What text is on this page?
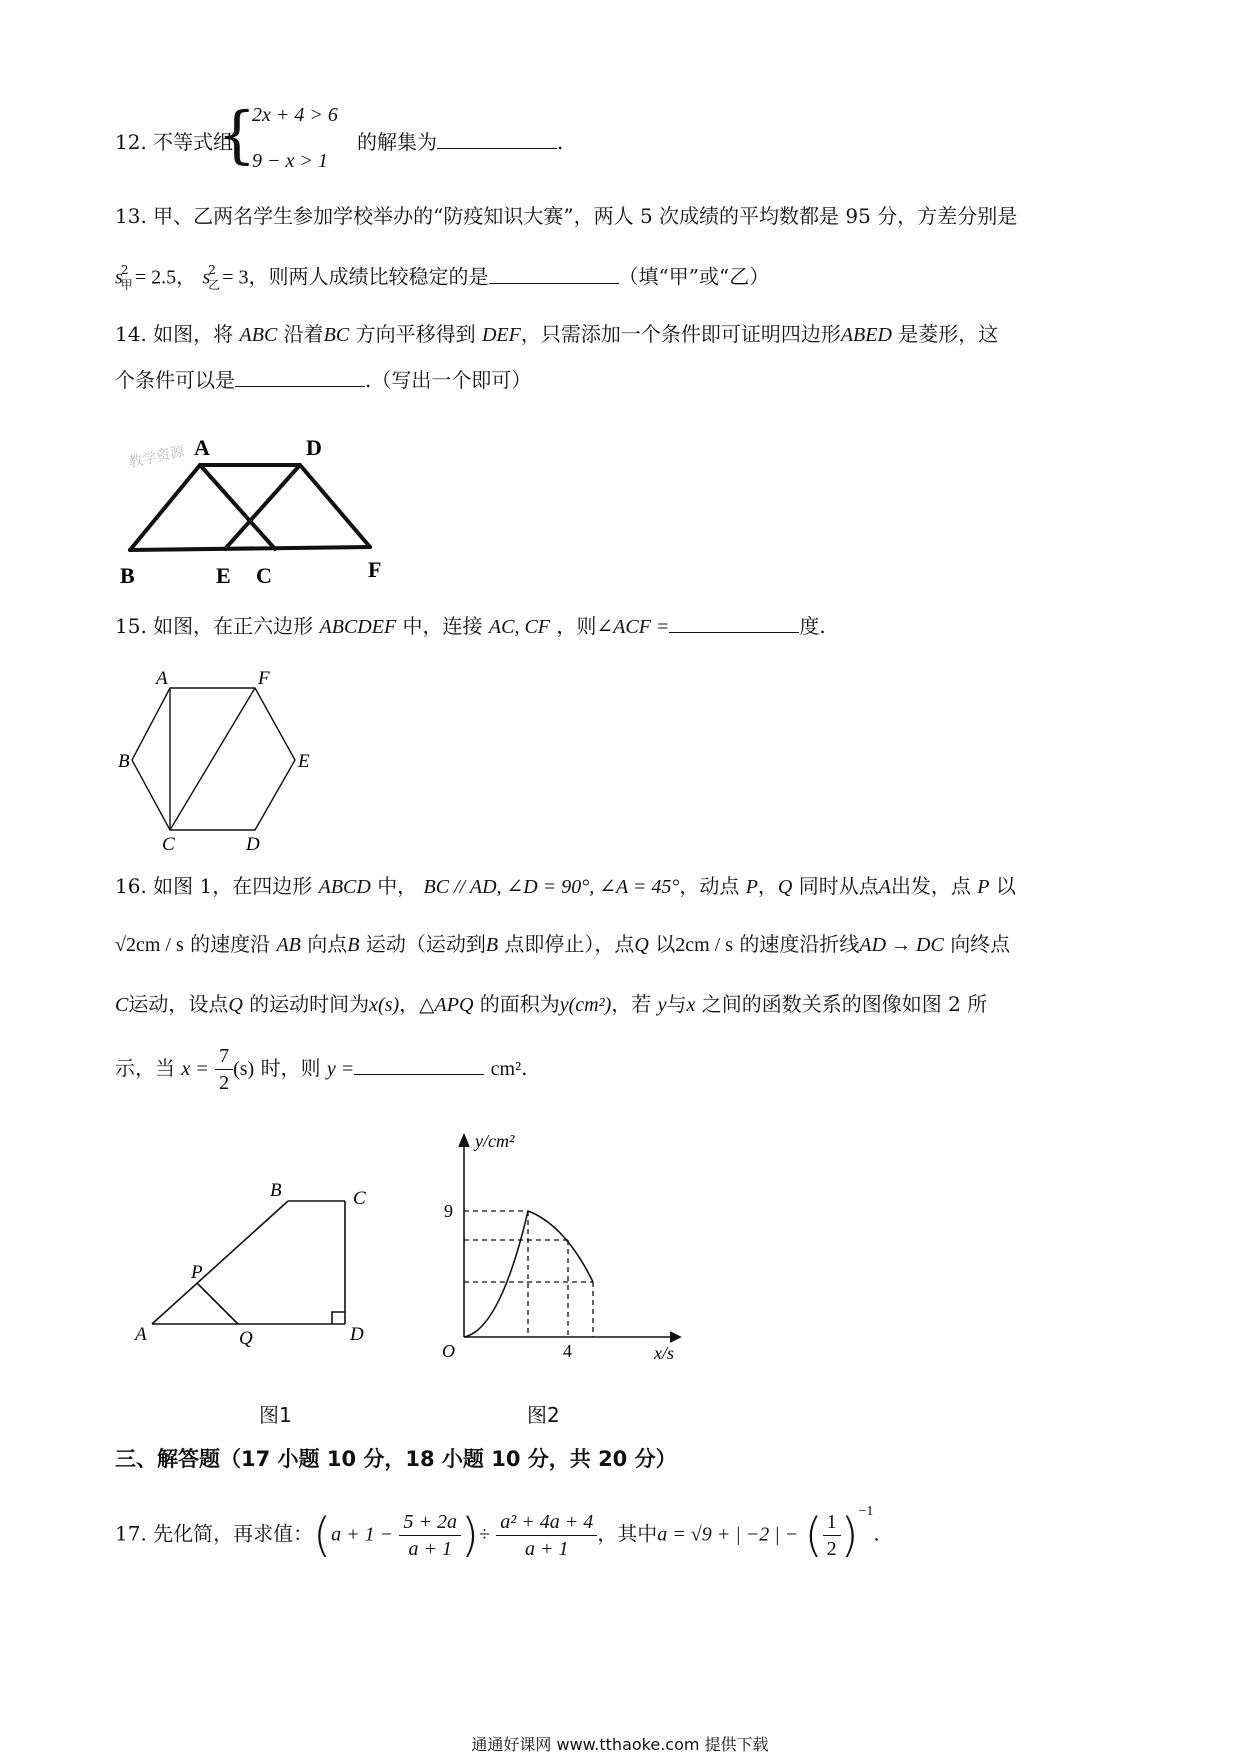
12. 不等式组
{
2x + 4 > 6
9 − x > 1
的解集为	.
13. 甲、乙两名学生参加学校举办的“防疫知识大赛”，两人 5 次成绩的平均数都是 95 分，方差分别是
$s_甲^2 = 2.5$， $s_乙^2 = 3$，则两人成绩比较稳定的是	（填“甲”或“乙）
14. 如图，将 ABC 沿着BC 方向平移得到 DEF，只需添加一个条件即可证明四边形ABED 是菱形，这
个条件可以是	.（写出一个即可）
教学资源 A	D
B	E C	F
15. 如图，在正六边形 ABCDEF 中，连接 AC, CF ，则∠ACF =	度.
A	F
B	E
C	D
16. 如图 1，在四边形 ABCD 中， BC // AD, ∠D = 90°, ∠A = 45°，动点 P，Q 同时从点A出发，点 P 以
√2cm / s 的速度沿 AB 向点B 运动（运动到B 点即停止），点Q 以2cm / s 的速度沿折线AD → DC 向终点
C运动，设点Q 的运动时间为x(s)，△APQ 的面积为y(cm²)，若 y与x 之间的函数关系的图像如图 2 所
示，当 $x = \frac{7}{2} (s)$ 时，则 y =	cm².
A	Q	D
P
B	C
图1
y/cm²
9
O	4	x/s
图2
三、解答题（17 小题 10 分，18 小题 10 分，共 20 分）
17. 先化简，再求值：($a + 1 - \frac{5 + 2a}{a + 1}$ )÷ $\frac{\text{a² + 4a + 4}}{a + 1}$ ，其中a = √9 + | −2 | − ( $\frac{1}{2} )^{-1}$.
通通好课网 www.tthaoke.com 提供下载
